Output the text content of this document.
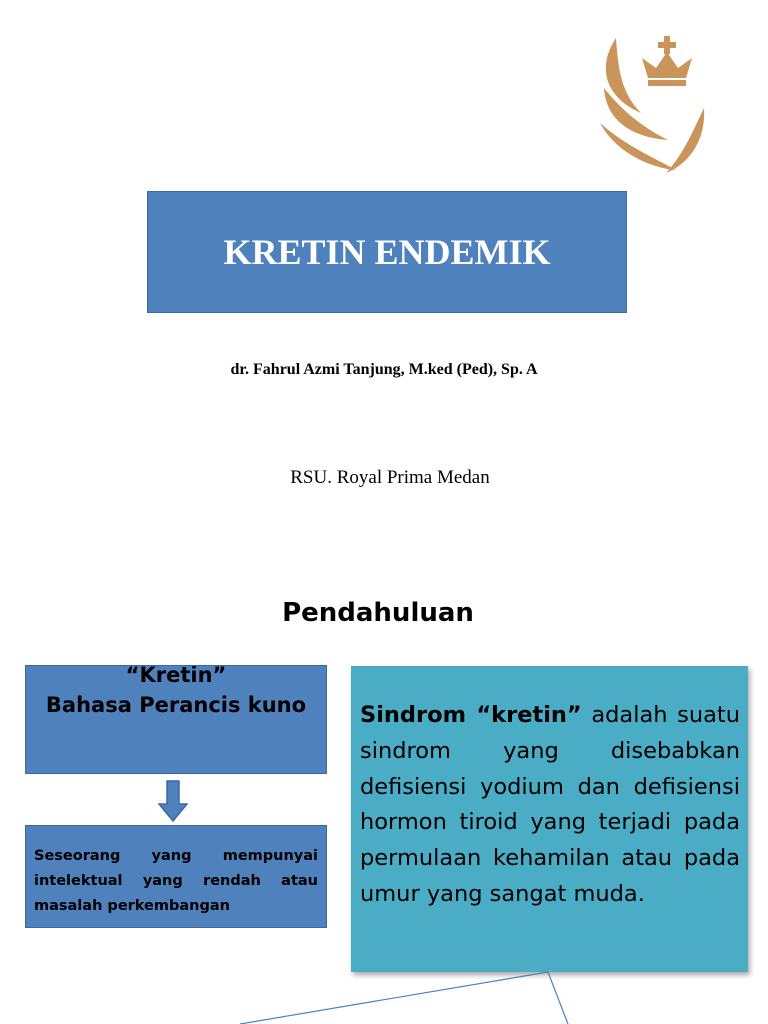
KRETIN ENDEMIK
dr. Fahrul Azmi Tanjung, M.ked (Ped), Sp. A
RSU. Royal Prima Medan
Pendahuluan
“Kretin”
Bahasa Perancis kuno
Seseorang yang mempunyai intelektual yang rendah atau masalah perkembangan
Sindrom “kretin” adalah suatu sindrom yang disebabkan defisiensi yodium dan defisiensi hormon tiroid yang terjadi pada permulaan kehamilan atau pada umur yang sangat muda.
